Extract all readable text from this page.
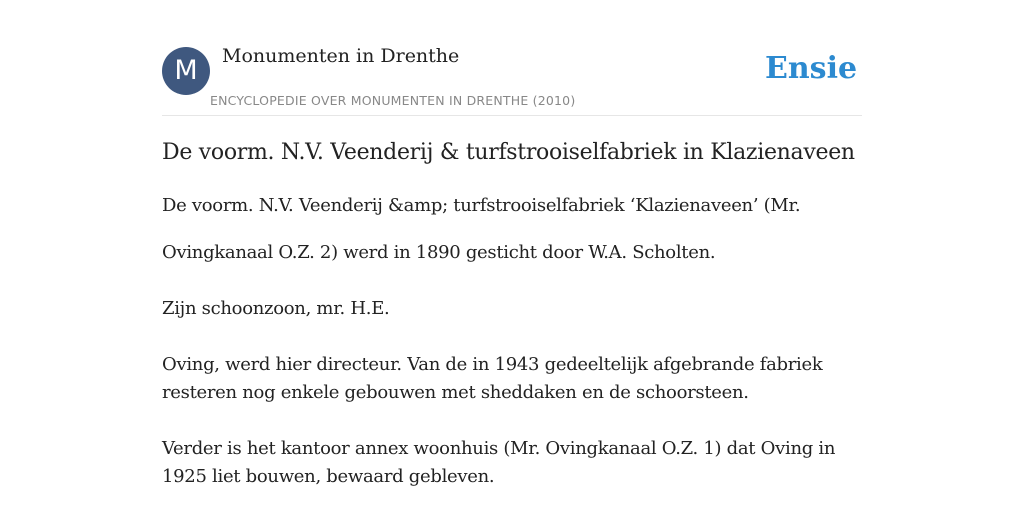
M	Monumenten in Drenthe
ENCYCLOPEDIE OVER MONUMENTEN IN DRENTHE (2010)
Ensie
De voorm. N.V. Veenderij & turfstrooiselfabriek in Klazienaveen

De voorm. N.V. Veenderij &amp; turfstrooiselfabriek ‘Klazienaveen’ (Mr.

Ovingkanaal O.Z. 2) werd in 1890 gesticht door W.A. Scholten.

Zijn schoonzoon, mr. H.E.

Oving, werd hier directeur. Van de in 1943 gedeeltelijk afgebrande fabriek resteren nog enkele gebouwen met sheddaken en de schoorsteen.

Verder is het kantoor annex woonhuis (Mr. Ovingkanaal O.Z. 1) dat Oving in 1925 liet bouwen, bewaard gebleven.
